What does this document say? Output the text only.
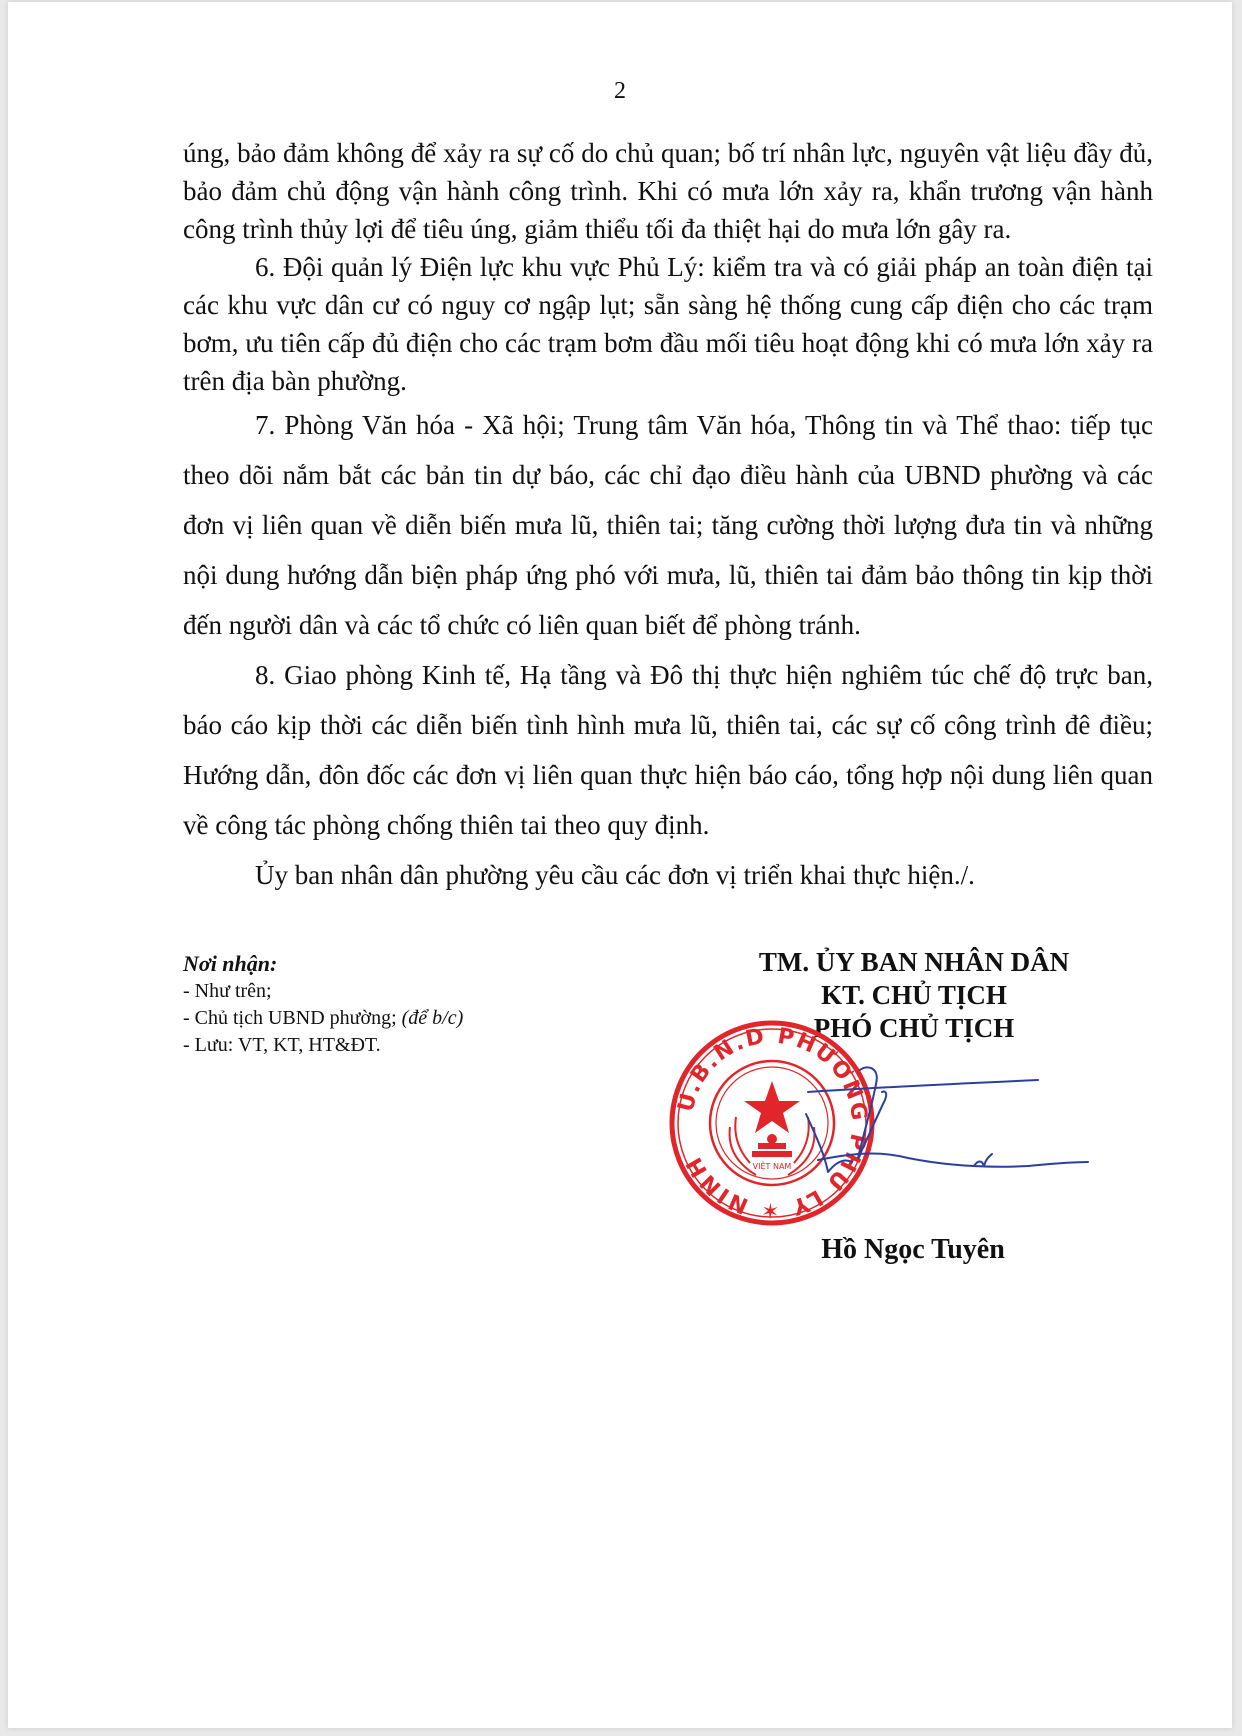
2

úng, bảo đảm không để xảy ra sự cố do chủ quan; bố trí nhân lực, nguyên vật liệu đầy đủ, bảo đảm chủ động vận hành công trình. Khi có mưa lớn xảy ra, khẩn trương vận hành công trình thủy lợi để tiêu úng, giảm thiểu tối đa thiệt hại do mưa lớn gây ra.

6. Đội quản lý Điện lực khu vực Phủ Lý: kiểm tra và có giải pháp an toàn điện tại các khu vực dân cư có nguy cơ ngập lụt; sẵn sàng hệ thống cung cấp điện cho các trạm bơm, ưu tiên cấp đủ điện cho các trạm bơm đầu mối tiêu hoạt động khi có mưa lớn xảy ra trên địa bàn phường.

7. Phòng Văn hóa - Xã hội; Trung tâm Văn hóa, Thông tin và Thể thao: tiếp tục theo dõi nắm bắt các bản tin dự báo, các chỉ đạo điều hành của UBND phường và các đơn vị liên quan về diễn biến mưa lũ, thiên tai; tăng cường thời lượng đưa tin và những nội dung hướng dẫn biện pháp ứng phó với mưa, lũ, thiên tai đảm bảo thông tin kịp thời đến người dân và các tổ chức có liên quan biết để phòng tránh.

8. Giao phòng Kinh tế, Hạ tầng và Đô thị thực hiện nghiêm túc chế độ trực ban, báo cáo kịp thời các diễn biến tình hình mưa lũ, thiên tai, các sự cố công trình đê điều; Hướng dẫn, đôn đốc các đơn vị liên quan thực hiện báo cáo, tổng hợp nội dung liên quan về công tác phòng chống thiên tai theo quy định.

Ủy ban nhân dân phường yêu cầu các đơn vị triển khai thực hiện./.

Nơi nhận:
- Như trên;
- Chủ tịch UBND phường; (để b/c)
- Lưu: VT, KT, HT&ĐT.
TM. ỦY BAN NHÂN DÂN
KT. CHỦ TỊCH
PHÓ CHỦ TỊCH
U.B.N.D PHƯỜNG PHỦ LÝ ✶ NINH	VIỆT NAM
Hồ Ngọc Tuyên
